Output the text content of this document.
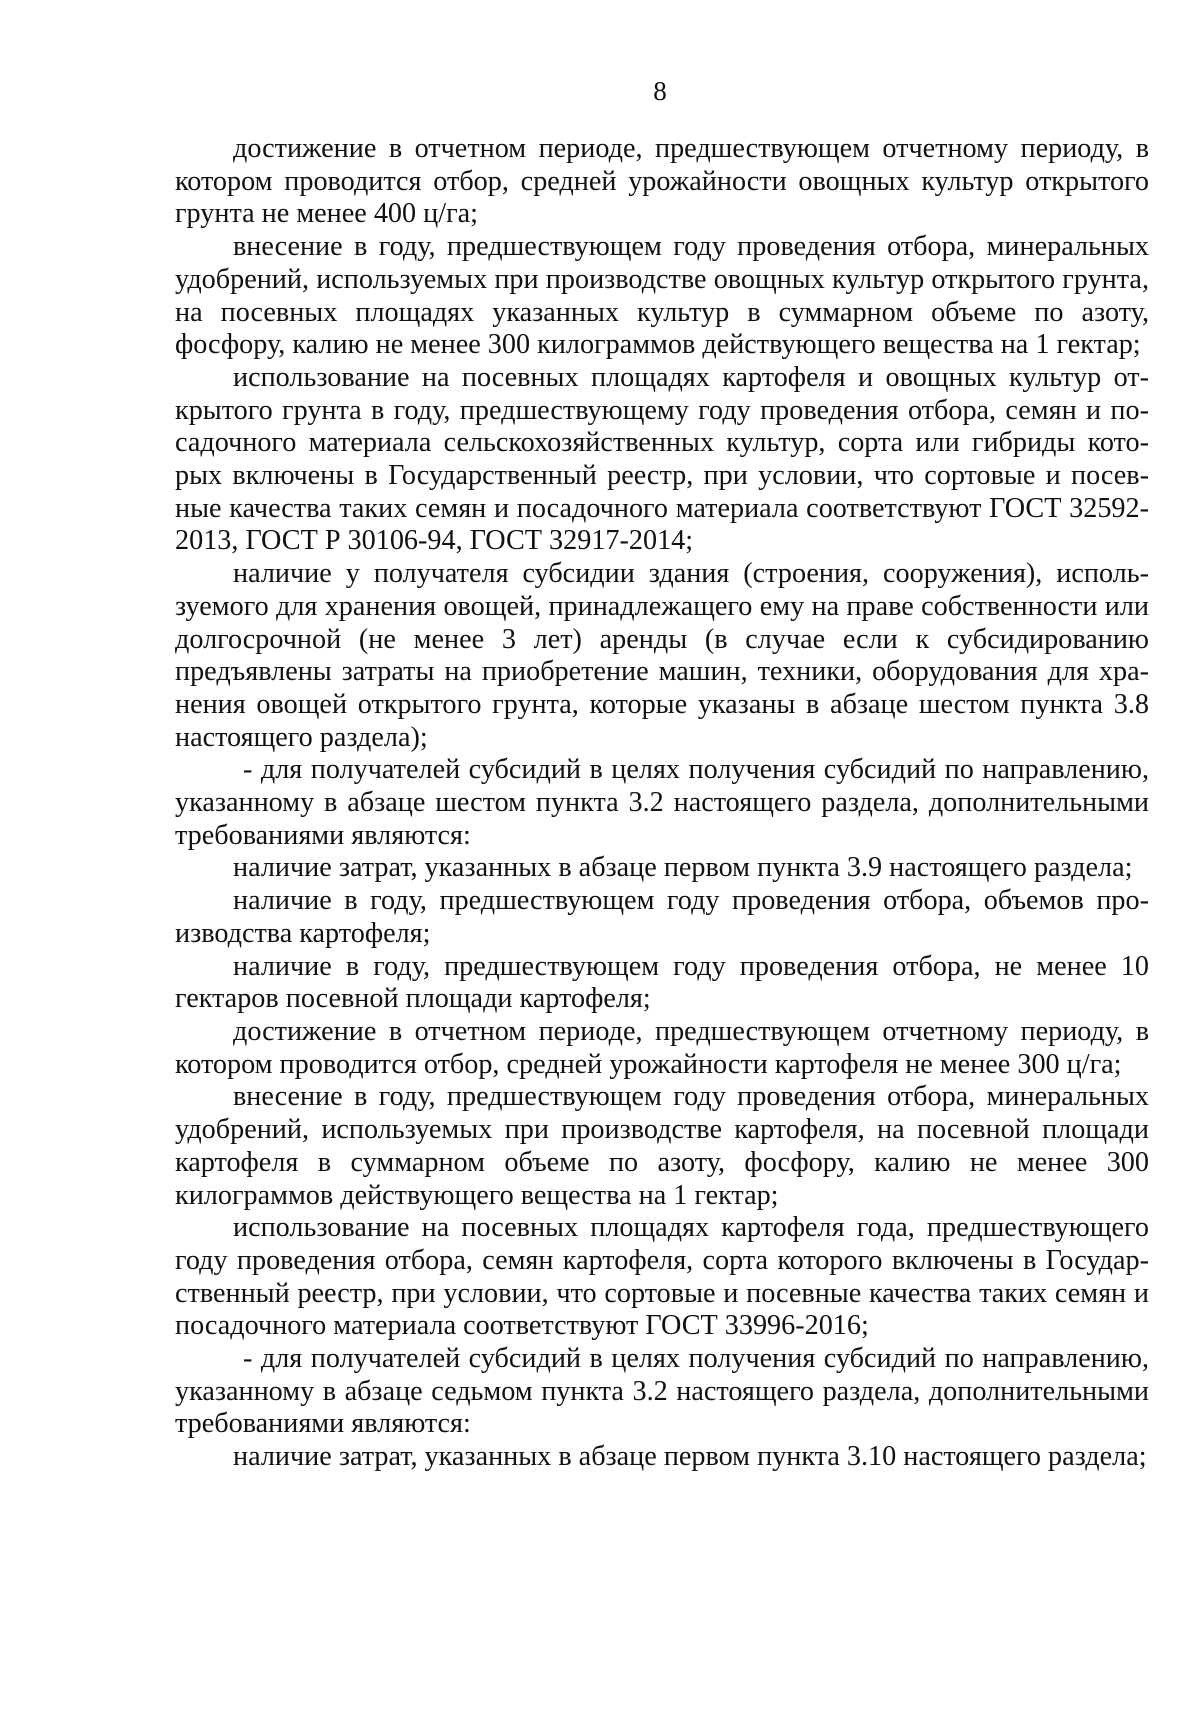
8

достижение в отчетном периоде, предшествующем отчетному периоду, в котором проводится отбор, средней урожайности овощных культур открытого грунта не менее 400 ц/га;

внесение в году, предшествующем году проведения отбора, минеральных удобрений, используемых при производстве овощных культур открытого грунта, на посевных площадях указанных культур в суммарном объеме по азоту, фосфору, калию не менее 300 килограммов действующего вещества на 1 гектар;

использование на посевных площадях картофеля и овощных культур открытого грунта в году, предшествующему году проведения отбора, семян и посадочного материала сельскохозяйственных культур, сорта или гибриды которых включены в Государственный реестр, при условии, что сортовые и посевные качества таких семян и посадочного материала соответствуют ГОСТ 32592-2013, ГОСТ Р 30106-94, ГОСТ 32917-2014;

наличие у получателя субсидии здания (строения, сооружения), используемого для хранения овощей, принадлежащего ему на праве собственности или долгосрочной (не менее 3 лет) аренды (в случае если к субсидированию предъявлены затраты на приобретение машин, техники, оборудования для хранения овощей открытого грунта, которые указаны в абзаце шестом пункта 3.8 настоящего раздела);

- для получателей субсидий в целях получения субсидий по направлению, указанному в абзаце шестом пункта 3.2 настоящего раздела, дополнительными требованиями являются:

наличие затрат, указанных в абзаце первом пункта 3.9 настоящего раздела;

наличие в году, предшествующем году проведения отбора, объемов производства картофеля;

наличие в году, предшествующем году проведения отбора, не менее 10 гектаров посевной площади картофеля;

достижение в отчетном периоде, предшествующем отчетному периоду, в котором проводится отбор, средней урожайности картофеля не менее 300 ц/га;

внесение в году, предшествующем году проведения отбора, минеральных удобрений, используемых при производстве картофеля, на посевной площади картофеля в суммарном объеме по азоту, фосфору, калию не менее 300 килограммов действующего вещества на 1 гектар;

использование на посевных площадях картофеля года, предшествующего году проведения отбора, семян картофеля, сорта которого включены в Государственный реестр, при условии, что сортовые и посевные качества таких семян и посадочного материала соответствуют ГОСТ 33996-2016;

- для получателей субсидий в целях получения субсидий по направлению, указанному в абзаце седьмом пункта 3.2 настоящего раздела, дополнительными требованиями являются:

наличие затрат, указанных в абзаце первом пункта 3.10 настоящего раздела;
